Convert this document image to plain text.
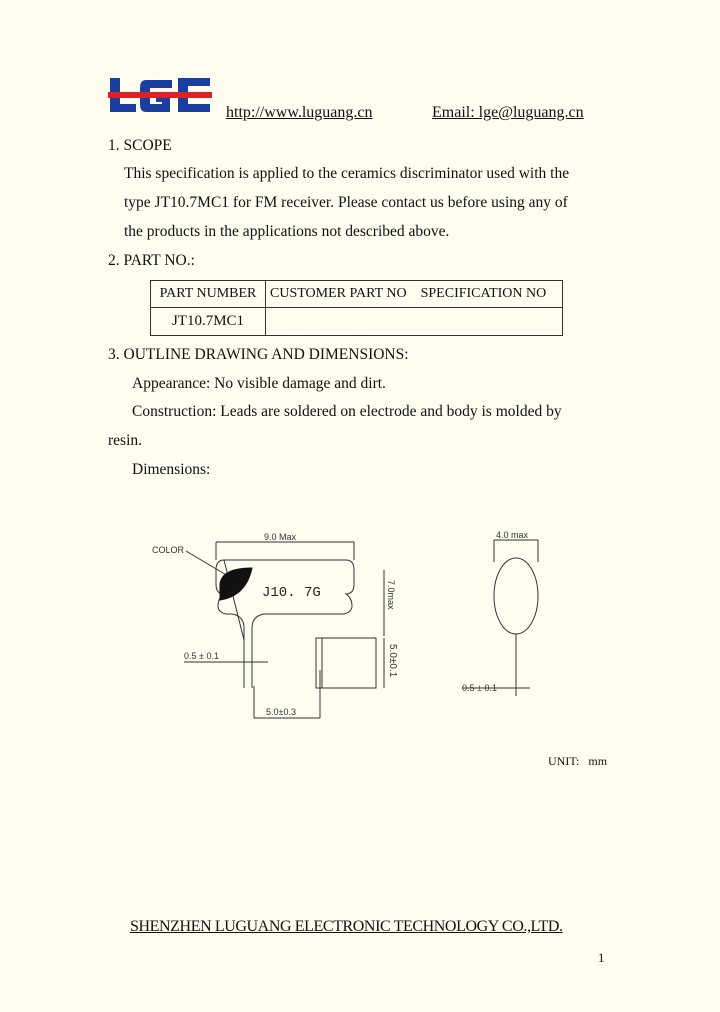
LGE	http://www.luguang.cn	Email: lge@luguang.cn
1. SCOPE
This specification is applied to the ceramics discriminator used with the
type JT10.7MC1 for FM receiver. Please contact us before using any of
the products in the applications not described above.
2. PART NO.:
PART NUMBER	CUSTOMER PART NO    SPECIFICATION NO
JT10.7MC1	
3. OUTLINE DRAWING AND DIMENSIONS:
Appearance: No visible damage and dirt.
Construction: Leads are soldered on electrode and body is molded by
resin.
Dimensions:
COLOR
9.0 Max
J10. 7G
0.5 ± 0.1
5.0±0.3
7.0max
5.0±0.1
4.0 max
0.5 ± 0.1
UNIT:   mm
SHENZHEN LUGUANG ELECTRONIC TECHNOLOGY CO.,LTD.
1
